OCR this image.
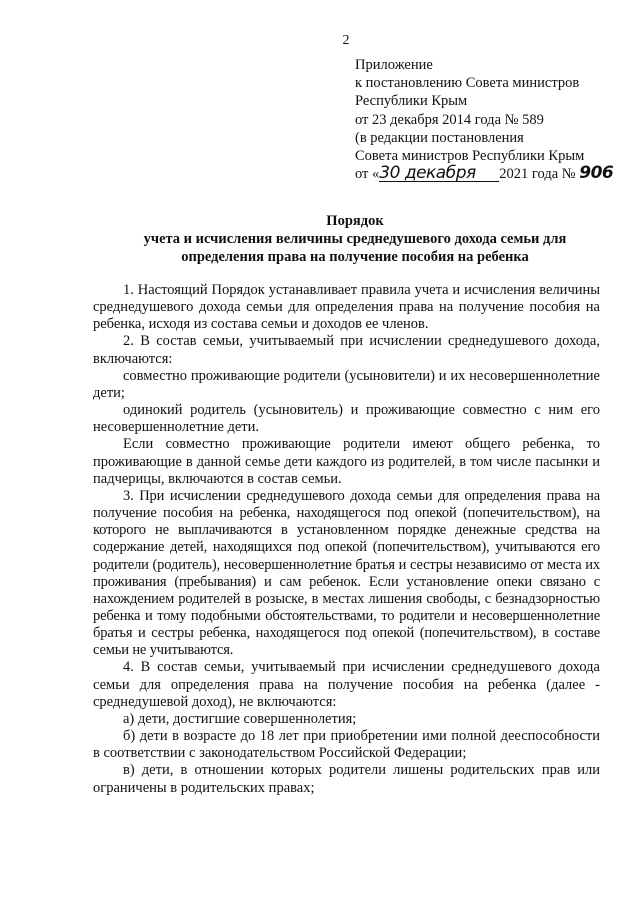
2
Приложение
к постановлению Совета министров
Республики Крым
от 23 декабря 2014 года № 589
(в редакции постановления
Совета министров Республики Крым
от «30 декабря 2021 года № 906
Порядок
учета и исчисления величины среднедушевого дохода семьи для
определения права на получение пособия на ребенка

1. Настоящий Порядок устанавливает правила учета и исчисления величины среднедушевого дохода семьи для определения права на получение пособия на ребенка, исходя из состава семьи и доходов ее членов.

2. В состав семьи, учитываемый при исчислении среднедушевого дохода, включаются:

совместно проживающие родители (усыновители) и их несовершеннолетние дети;

одинокий родитель (усыновитель) и проживающие совместно с ним его несовершеннолетние дети.

Если совместно проживающие родители имеют общего ребенка, то проживающие в данной семье дети каждого из родителей, в том числе пасынки и падчерицы, включаются в состав семьи.

3. При исчислении среднедушевого дохода семьи для определения права на получение пособия на ребенка, находящегося под опекой (попечительством), на которого не выплачиваются в установленном порядке денежные средства на содержание детей, находящихся под опекой (попечительством), учитываются его родители (родитель), несовершеннолетние братья и сестры независимо от места их проживания (пребывания) и сам ребенок. Если установление опеки связано с нахождением родителей в розыске, в местах лишения свободы, с безнадзорностью ребенка и тому подобными обстоятельствами, то родители и несовершеннолетние братья и сестры ребенка, находящегося под опекой (попечительством), в составе семьи не учитываются.

4. В состав семьи, учитываемый при исчислении среднедушевого дохода семьи для определения права на получение пособия на ребенка (далее - среднедушевой доход), не включаются:

а) дети, достигшие совершеннолетия;

б) дети в возрасте до 18 лет при приобретении ими полной дееспособности в соответствии с законодательством Российской Федерации;

в) дети, в отношении которых родители лишены родительских прав или ограничены в родительских правах;
